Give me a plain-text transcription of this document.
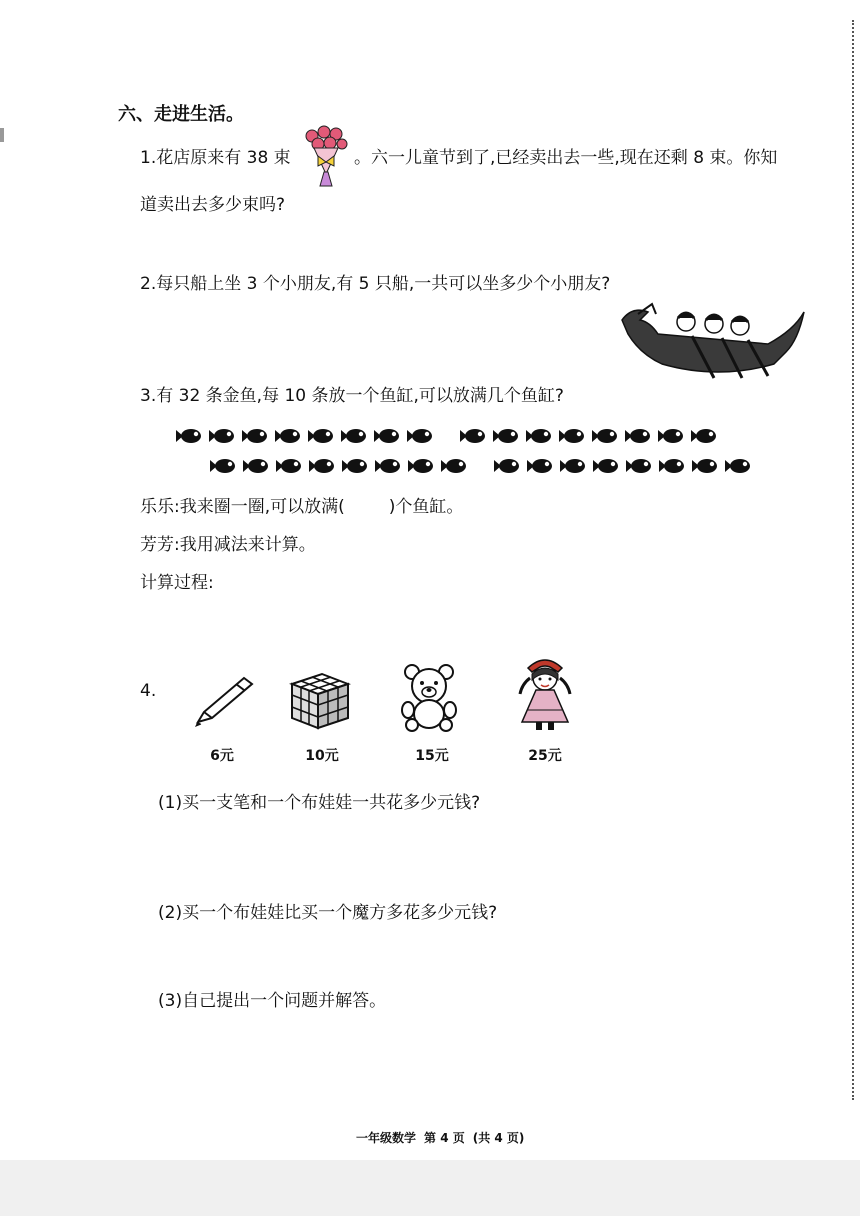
六、走进生活。
1.花店原来有 38 束	。六一儿童节到了,已经卖出去一些,现在还剩 8 束。你知
道卖出去多少束吗?
2.每只船上坐 3 个小朋友,有 5 只船,一共可以坐多少个小朋友?
3.有 32 条金鱼,每 10 条放一个鱼缸,可以放满几个鱼缸?
乐乐:我来圈一圈,可以放满(	)个鱼缸。
芳芳:我用减法来计算。
计算过程:
4.
6元	10元	15元	25元
(1)买一支笔和一个布娃娃一共花多少元钱?
(2)买一个布娃娃比买一个魔方多花多少元钱?
(3)自己提出一个问题并解答。
一年级数学 第 4 页 (共 4 页)
